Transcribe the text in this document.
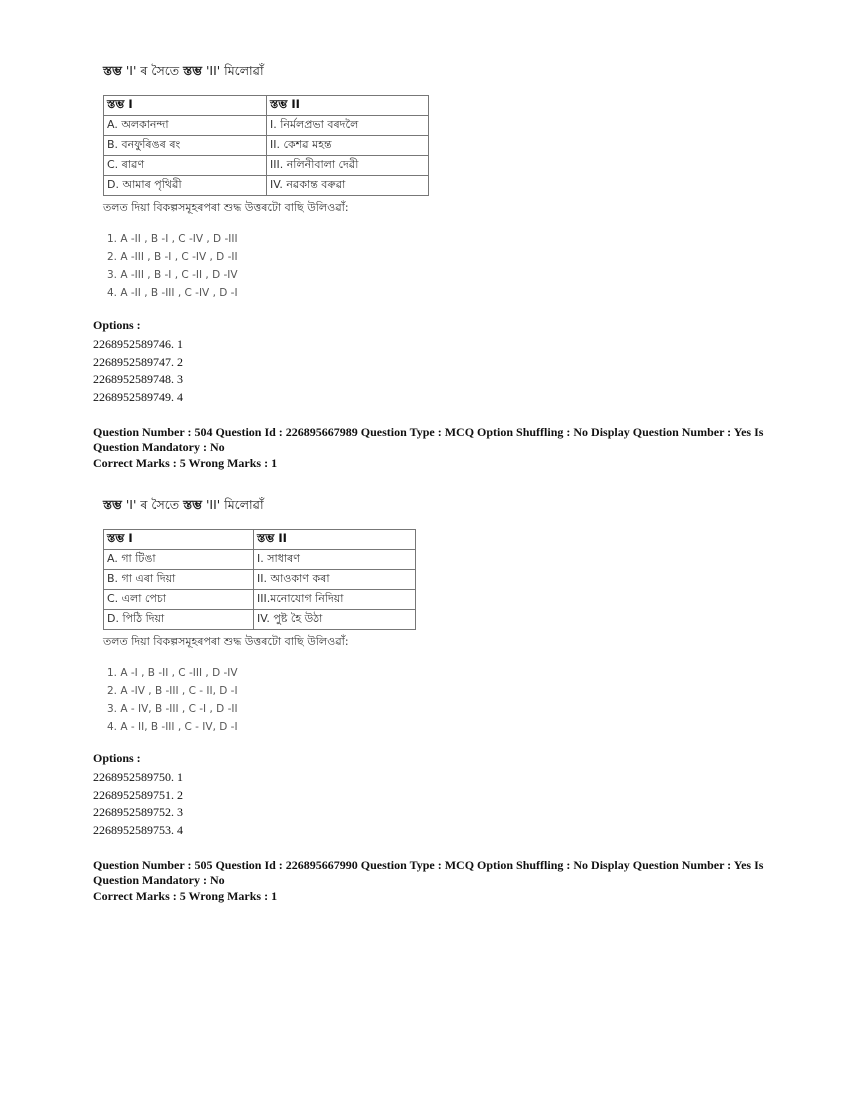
স্তম্ভ 'I' ৰ সৈতে স্তম্ভ 'II' মিলোৱাঁ

স্তম্ভ I	স্তম্ভ II
A. অলকানন্দা	I. নিৰ্মলপ্ৰভা বৰদলৈ
B. বনফুৰিঙৰ ৰং	II. কেশৱ মহন্ত
C. ৰাৱণ	III. নলিনীবালা দেৱী
D. আমাৰ পৃথিৱী	IV. নৱকান্ত বৰুৱা

তলত দিয়া বিকল্পসমূহৰপৰা শুদ্ধ উত্তৰটো বাছি উলিওৱাঁ:

1. A -II , B -I , C -IV , D -III
2. A -III , B -I , C -IV , D -II
3. A -III , B -I , C -II , D -IV
4. A -II , B -III , C -IV , D -I
Options :
2268952589746. 1
2268952589747. 2
2268952589748. 3
2268952589749. 4
Question Number : 504 Question Id : 226895667989 Question Type : MCQ Option Shuffling : No Display Question Number : Yes Is Question Mandatory : No
Correct Marks : 5 Wrong Marks : 1

স্তম্ভ 'I' ৰ সৈতে স্তম্ভ 'II' মিলোৱাঁ

স্তম্ভ I	স্তম্ভ II
A. গা টিঙা	I. সাধাৰণ
B. গা এৰা দিয়া	II. আওকাণ কৰা
C. এলা পেচা	III.মনোযোগ নিদিয়া
D. পিঠি দিয়া	IV. পুষ্ট হৈ উঠা

তলত দিয়া বিকল্পসমূহৰপৰা শুদ্ধ উত্তৰটো বাছি উলিওৱাঁ:

1. A -I , B -II , C -III , D -IV
2. A -IV , B -III , C - II, D -I
3. A - IV, B -III , C -I , D -II
4. A - II, B -III , C - IV, D -I
Options :
2268952589750. 1
2268952589751. 2
2268952589752. 3
2268952589753. 4
Question Number : 505 Question Id : 226895667990 Question Type : MCQ Option Shuffling : No Display Question Number : Yes Is Question Mandatory : No
Correct Marks : 5 Wrong Marks : 1
